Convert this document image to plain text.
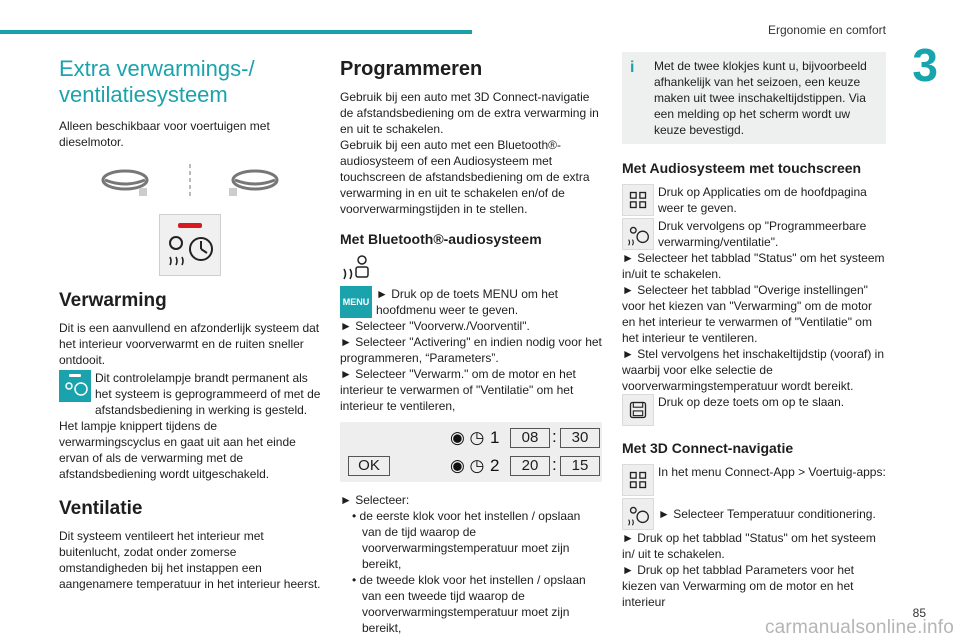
Ergonomie en comfort
3
85
carmanualsonline.info
Extra verwarmings-/
ventilatiesysteem

Alleen beschikbaar voor voertuigen met dieselmotor.

Verwarming

Dit is een aanvullend en afzonderlijk systeem dat het interieur voorverwarmt en de ruiten sneller ontdooit.

Dit controlelampje brandt permanent als het systeem is geprogrammeerd of met de afstandsbediening in werking is gesteld.

Het lampje knippert tijdens de verwarmingscyclus en gaat uit aan het einde ervan of als de verwarming met de afstandsbediening wordt uitgeschakeld.

Ventilatie

Dit systeem ventileert het interieur met buitenlucht, zodat onder zomerse omstandigheden bij het instappen een aangenamere temperatuur in het interieur heerst.

Programmeren

Gebruik bij een auto met 3D Connect-navigatie de afstandsbediening om de extra verwarming in en uit te schakelen.

Gebruik bij een auto met een Bluetooth®-audiosysteem of een Audiosysteem met touchscreen de afstandsbediening om de extra verwarming in en uit te schakelen en/of de voorverwarmingstijden in te stellen.

Met Bluetooth®-audiosysteem
MENU

► Druk op de toets MENU om het hoofdmenu weer te geven.

► Selecteer "Voorverw./Voorventil".

► Selecteer "Activering" en indien nodig voor het programmeren, “Parameters”.

► Selecteer "Verwarm." om de motor en het interieur te verwarmen of "Ventilatie" om het interieur te ventileren,

◉ ◷ 1	08 : 30
OK	◉ ◷ 2	20 : 15

► Selecteer:

• de eerste klok voor het instellen / opslaan van de tijd waarop de voorverwarmingstemperatuur moet zijn bereikt,

• de tweede klok voor het instellen / opslaan van een tweede tijd waarop de voorverwarmingstemperatuur moet zijn bereikt,

i	Met de twee klokjes kunt u, bijvoorbeeld afhankelijk van het seizoen, een keuze maken uit twee inschakeltijdstippen. Via een melding op het scherm wordt uw keuze bevestigd.

Met Audiosysteem met touchscreen

Druk op Applicaties om de hoofdpagina weer te geven.

Druk vervolgens op "Programmeerbare verwarming/ventilatie".

► Selecteer het tabblad "Status" om het systeem in/uit te schakelen.

► Selecteer het tabblad "Overige instellingen" voor het kiezen van "Verwarming" om de motor en het interieur te verwarmen of "Ventilatie" om het interieur te ventileren.

► Stel vervolgens het inschakeltijdstip (vooraf) in waarbij voor elke selectie de voorverwarmingstemperatuur wordt bereikt.

Druk op deze toets om op te slaan.

Met 3D Connect-navigatie

In het menu Connect-App > Voertuig-apps:

► Selecteer Temperatuur conditionering.

► Druk op het tabblad "Status" om het systeem in/ uit te schakelen.

► Druk op het tabblad Parameters voor het kiezen van Verwarming om de motor en het interieur
